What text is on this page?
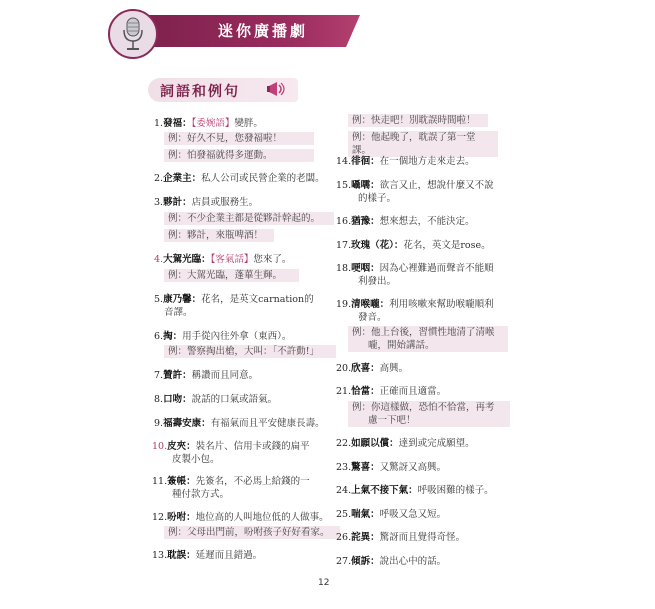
迷你廣播劇
詞語和例句
1.發福：【委婉語】變胖。
例：好久不見，您發福啦！
例：怕發福就得多運動。
2.企業主：私人公司或民營企業的老闆。
3.夥計：店員或服務生。
例：不少企業主都是從夥計幹起的。
例：夥計，來瓶啤酒！
4.大駕光臨：【客氣話】您來了。
例：大駕光臨，蓬蓽生輝。
5.康乃馨：花名，是英文carnation的
音譯。
6.掏：用手從內往外拿（東西）。
例：警察掏出槍，大叫：「不許動!」
7.贊許：稱讚而且同意。
8.口吻：說話的口氣或語氣。
9.福壽安康：有福氣而且平安健康長壽。
10.皮夾：裝名片、信用卡或錢的扁平
皮製小包。
11.簽帳：先簽名，不必馬上給錢的一
種付款方式。
12.吩咐：地位高的人叫地位低的人做事。
例：父母出門前，吩咐孩子好好看家。
13.耽誤：延遲而且錯過。
例：快走吧！別耽誤時間啦！
例：他起晚了，耽誤了第一堂課。
14.徘徊：在一個地方走來走去。
15.囁嚅：欲言又止，想說什麼又不說
的樣子。
16.猶豫：想來想去，不能決定。
17.玫瑰（花）：花名，英文是rose。
18.哽咽：因為心裡難過而聲音不能順
利發出。
19.清喉嚨：利用咳嗽來幫助喉嚨順利
發音。
例：他上台後，習慣性地清了清喉
嚨，開始講話。
20.欣喜：高興。
21.恰當：正確而且適當。
例：你這樣做，恐怕不恰當，再考
慮一下吧！
22.如願以償：達到或完成願望。
23.驚喜：又驚訝又高興。
24.上氣不接下氣：呼吸困難的樣子。
25.喘氣：呼吸又急又短。
26.詫異：驚訝而且覺得奇怪。
27.傾訴：說出心中的話。
12
